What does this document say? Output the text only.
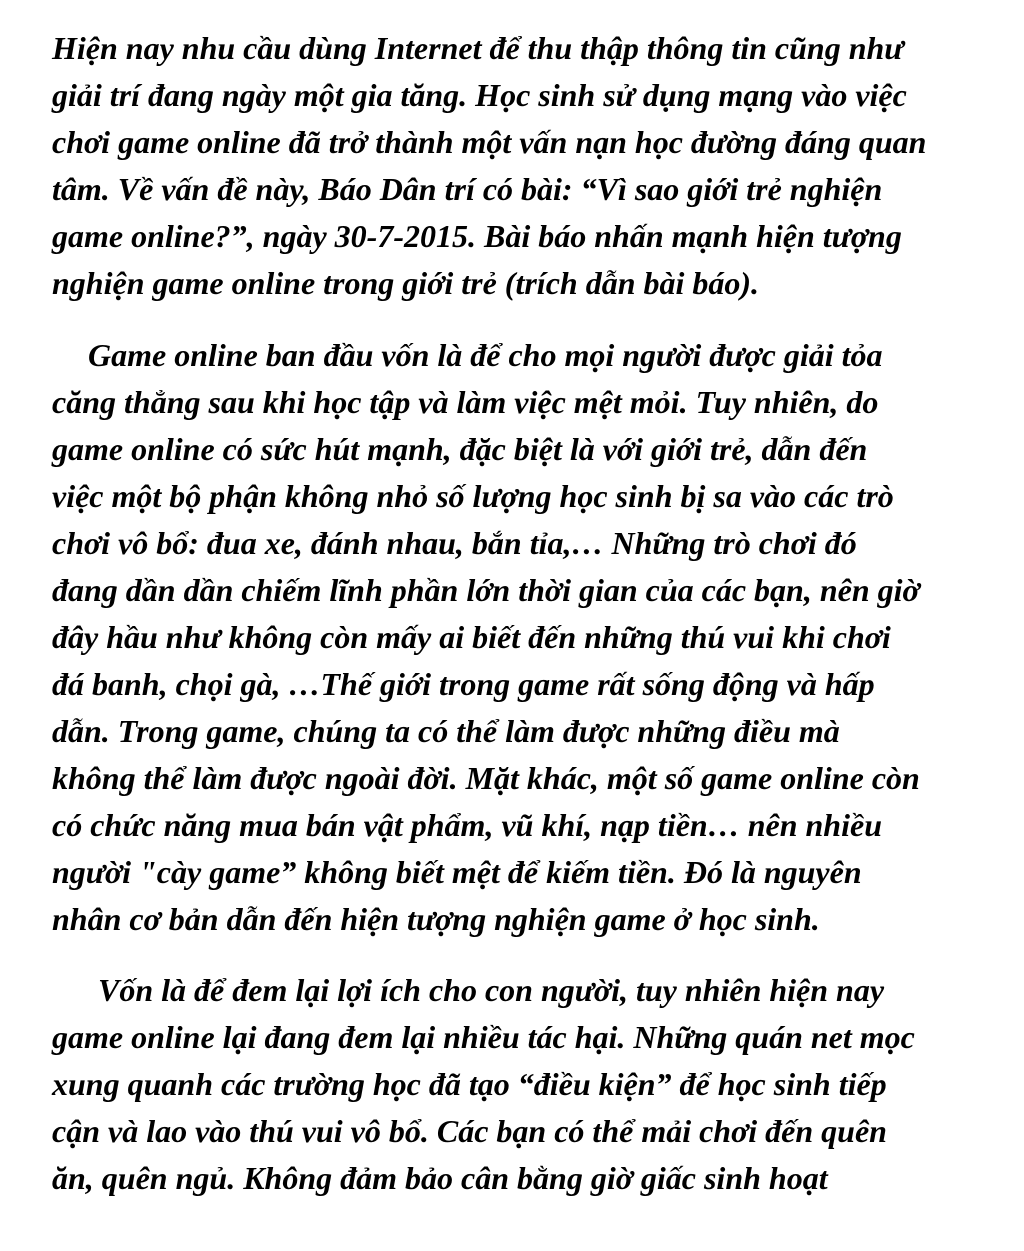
Hiện nay nhu cầu dùng Internet để thu thập thông tin cũng như
giải trí đang ngày một gia tăng. Học sinh sử dụng mạng vào việc
chơi game online đã trở thành một vấn nạn học đường đáng quan
tâm. Về vấn đề này, Báo Dân trí có bài: “Vì sao giới trẻ nghiện
game online?”, ngày 30-7-2015. Bài báo nhấn mạnh hiện tượng
nghiện game online trong giới trẻ (trích dẫn bài báo).
Game online ban đầu vốn là để cho mọi người được giải tỏa
căng thẳng sau khi học tập và làm việc mệt mỏi. Tuy nhiên, do
game online có sức hút mạnh, đặc biệt là với giới trẻ, dẫn đến
việc một bộ phận không nhỏ số lượng học sinh bị sa vào các trò
chơi vô bổ: đua xe, đánh nhau, bắn tỉa,… Những trò chơi đó
đang dần dần chiếm lĩnh phần lớn thời gian của các bạn, nên giờ
đây hầu như không còn mấy ai biết đến những thú vui khi chơi
đá banh, chọi gà, …Thế giới trong game rất sống động và hấp
dẫn. Trong game, chúng ta có thể làm được những điều mà
không thể làm được ngoài đời. Mặt khác, một số game online còn
có chức năng mua bán vật phẩm, vũ khí, nạp tiền… nên nhiều
người "cày game” không biết mệt để kiếm tiền. Đó là nguyên
nhân cơ bản dẫn đến hiện tượng nghiện game ở học sinh.
Vốn là để đem lại lợi ích cho con người, tuy nhiên hiện nay
game online lại đang đem lại nhiều tác hại. Những quán net mọc
xung quanh các trường học đã tạo “điều kiện” để học sinh tiếp
cận và lao vào thú vui vô bổ. Các bạn có thể mải chơi đến quên
ăn, quên ngủ. Không đảm bảo cân bằng giờ giấc sinh hoạt
